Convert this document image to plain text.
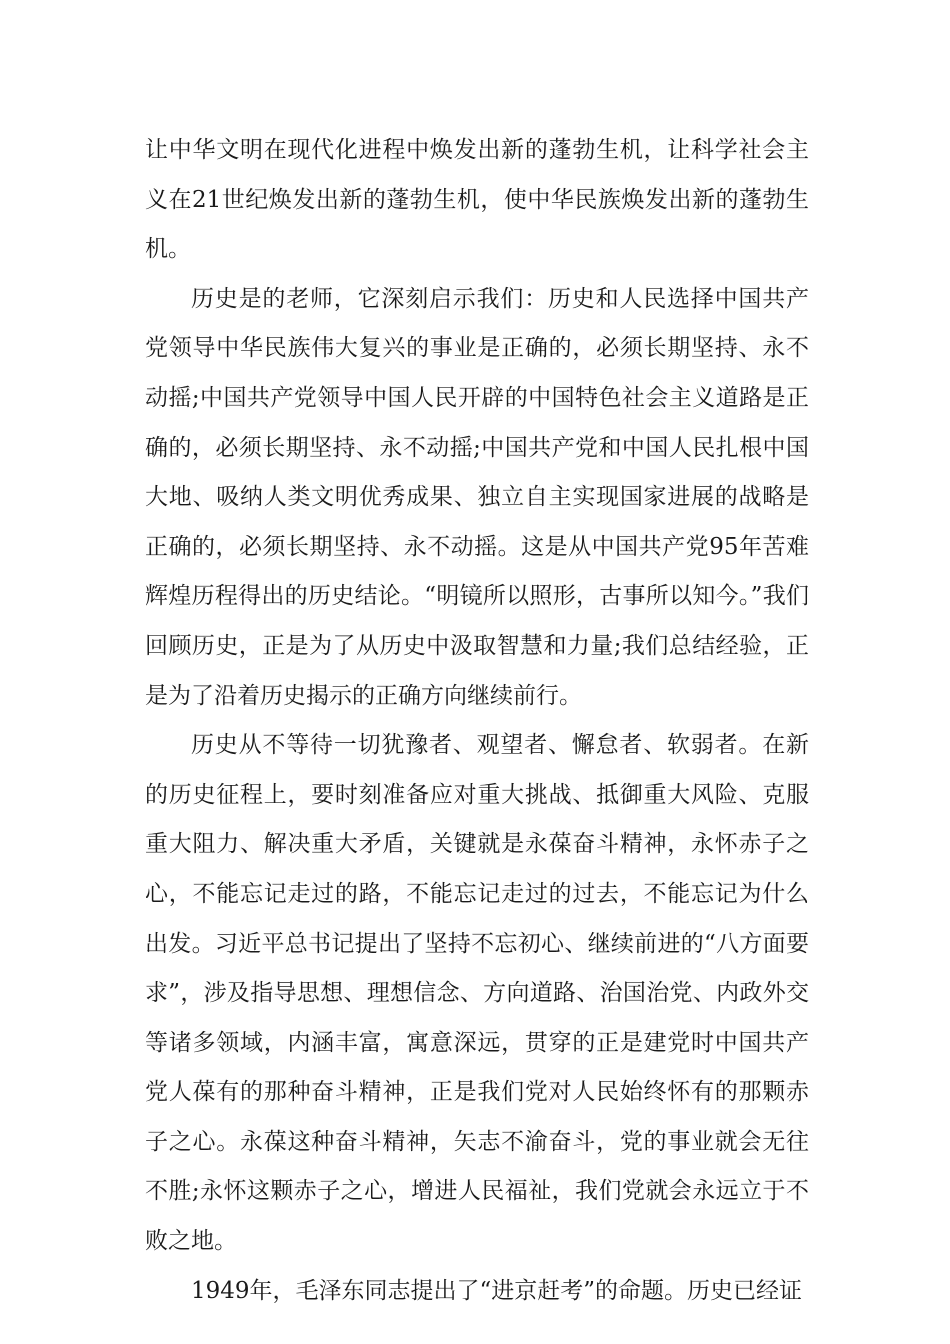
让中华文明在现代化进程中焕发出新的蓬勃生机，让科学社会主义在21世纪焕发出新的蓬勃生机，使中华民族焕发出新的蓬勃生机。

历史是的老师，它深刻启示我们：历史和人民选择中国共产党领导中华民族伟大复兴的事业是正确的，必须长期坚持、永不动摇;中国共产党领导中国人民开辟的中国特色社会主义道路是正确的，必须长期坚持、永不动摇;中国共产党和中国人民扎根中国大地、吸纳人类文明优秀成果、独立自主实现国家进展的战略是正确的，必须长期坚持、永不动摇。这是从中国共产党95年苦难辉煌历程得出的历史结论。“明镜所以照形，古事所以知今。”我们回顾历史，正是为了从历史中汲取智慧和力量;我们总结经验，正是为了沿着历史揭示的正确方向继续前行。

历史从不等待一切犹豫者、观望者、懈怠者、软弱者。在新的历史征程上，要时刻准备应对重大挑战、抵御重大风险、克服重大阻力、解决重大矛盾，关键就是永葆奋斗精神，永怀赤子之心，不能忘记走过的路，不能忘记走过的过去，不能忘记为什么出发。习近平总书记提出了坚持不忘初心、继续前进的“八方面要求”，涉及指导思想、理想信念、方向道路、治国治党、内政外交等诸多领域，内涵丰富，寓意深远，贯穿的正是建党时中国共产党人葆有的那种奋斗精神，正是我们党对人民始终怀有的那颗赤子之心。永葆这种奋斗精神，矢志不渝奋斗，党的事业就会无往不胜;永怀这颗赤子之心，增进人民福祉，我们党就会永远立于不败之地。

1949年，毛泽东同志提出了“进京赶考”的命题。历史已经证
